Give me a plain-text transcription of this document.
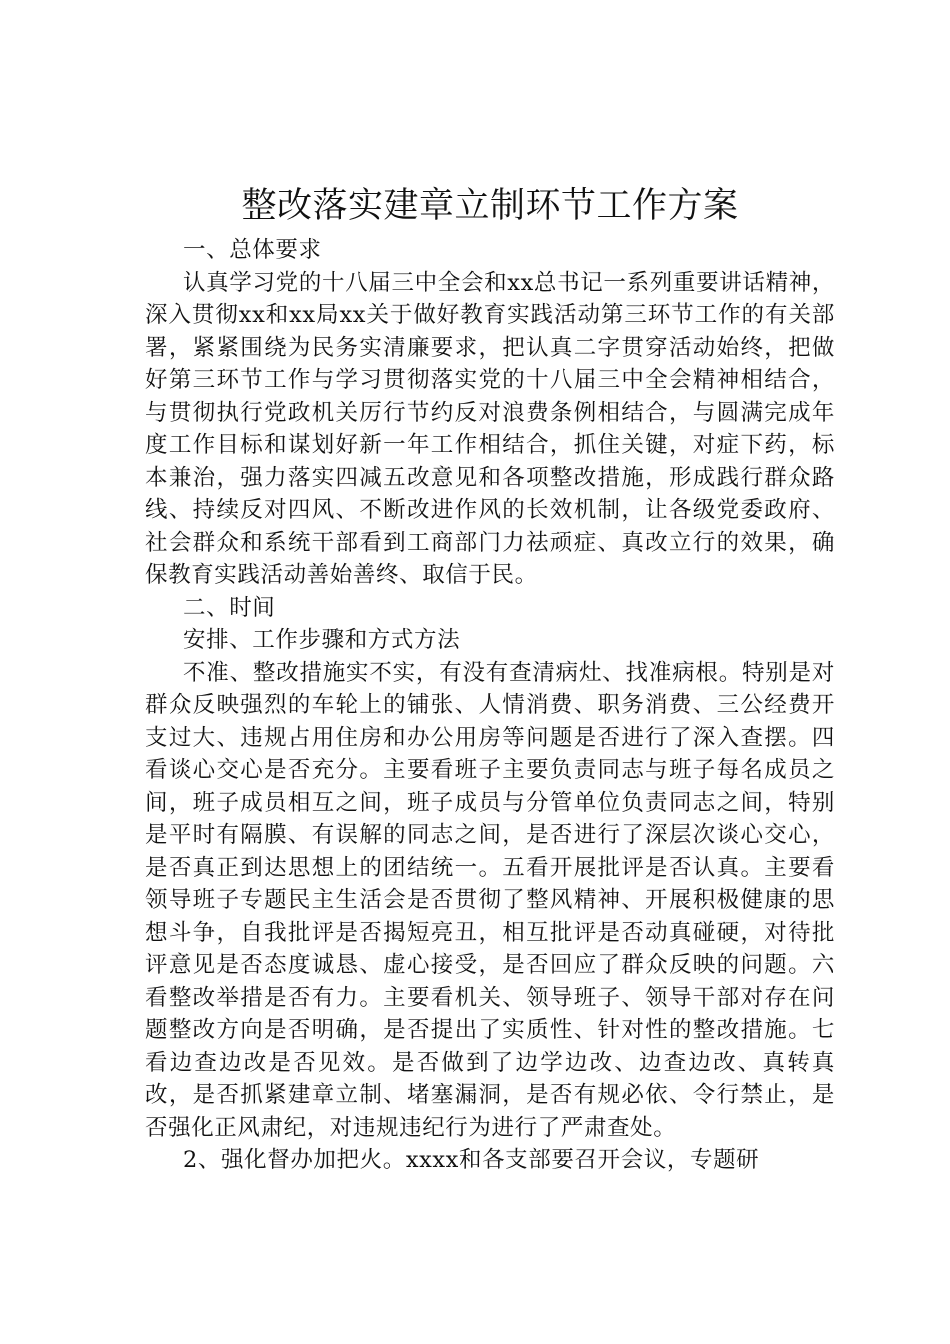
整改落实建章立制环节工作方案

一、总体要求

认真学习党的十八届三中全会和xx总书记一系列重要讲话精神，深入贯彻xx和xx局xx关于做好教育实践活动第三环节工作的有关部署，紧紧围绕为民务实清廉要求，把认真二字贯穿活动始终，把做好第三环节工作与学习贯彻落实党的十八届三中全会精神相结合，与贯彻执行党政机关厉行节约反对浪费条例相结合，与圆满完成年度工作目标和谋划好新一年工作相结合，抓住关键，对症下药，标本兼治，强力落实四减五改意见和各项整改措施，形成践行群众路线、持续反对四风、不断改进作风的长效机制，让各级党委政府、社会群众和系统干部看到工商部门力祛顽症、真改立行的效果，确保教育实践活动善始善终、取信于民。

二、时间

安排、工作步骤和方式方法

不准、整改措施实不实，有没有查清病灶、找准病根。特别是对群众反映强烈的车轮上的铺张、人情消费、职务消费、三公经费开支过大、违规占用住房和办公用房等问题是否进行了深入查摆。四看谈心交心是否充分。主要看班子主要负责同志与班子每名成员之间，班子成员相互之间，班子成员与分管单位负责同志之间，特别是平时有隔膜、有误解的同志之间，是否进行了深层次谈心交心，是否真正到达思想上的团结统一。五看开展批评是否认真。主要看领导班子专题民主生活会是否贯彻了整风精神、开展积极健康的思想斗争，自我批评是否揭短亮丑，相互批评是否动真碰硬，对待批评意见是否态度诚恳、虚心接受，是否回应了群众反映的问题。六看整改举措是否有力。主要看机关、领导班子、领导干部对存在问题整改方向是否明确，是否提出了实质性、针对性的整改措施。七看边查边改是否见效。是否做到了边学边改、边查边改、真转真改，是否抓紧建章立制、堵塞漏洞，是否有规必依、令行禁止，是否强化正风肃纪，对违规违纪行为进行了严肃查处。

2、强化督办加把火。xxxx和各支部要召开会议，专题研
